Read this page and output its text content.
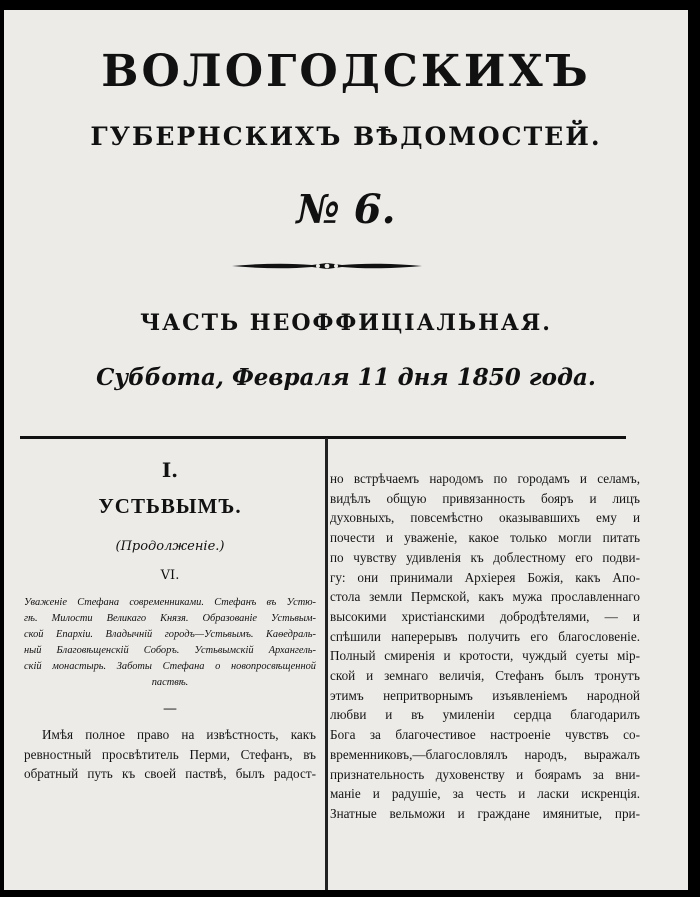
ВОЛОГОДСКИХЪ
ГУБЕРНСКИХЪ ВѢДОМОСТЕЙ.
№ 6.
ЧАСТЬ НЕОФФИЦІАЛЬНАЯ.
Суббота, Февраля 11 дня 1850 года.
I.
УСТЬВЫМЪ.
(Продолженіе.)
VI.
Уваженіе Стефана современниками. Стефанъ въ Устю-
гѣ. Милости Великаго Князя. Образованіе Устьвым-
ской Епархіи. Владычній городъ—Устьвымъ. Каѳедраль-
ный Благовѣщенскій Соборъ. Устьвымскій Архангель-
скій монастырь. Заботы Стефана о новопросвѣщенной
паствѣ.
—
Имѣя полное право на извѣстность, какъ
ревностный просвѣтитель Перми, Стефанъ, въ
обратный путь къ своей паствѣ, былъ радост-
но встрѣчаемъ народомъ по городамъ и селамъ,
видѣлъ общую привязанность бояръ и лицъ
духовныхъ, повсемѣстно оказывавшихъ ему и
почести и уваженіе, какое только могли питать
по чувству удивленія къ доблестному его подви-
гу: они принимали Архіерея Божія, какъ Апо-
стола земли Пермской, какъ мужа прославленнаго
высокими христіанскими добродѣтелями, — и
спѣшили наперерывъ получить его благословеніе.
Полный смиренія и кротости, чуждый суеты мір-
ской и земнаго величія, Стефанъ былъ тронутъ
этимъ непритворнымъ изъявленіемъ народной
любви и въ умиленіи сердца благодарилъ
Бога за благочестивое настроеніе чувствъ со-
временниковъ,—благословлялъ народъ, выражалъ
признательность духовенству и боярамъ за вни-
маніе и радушіе, за честь и ласки искренція.
Знатные вельможи и граждане имянитые, при-
